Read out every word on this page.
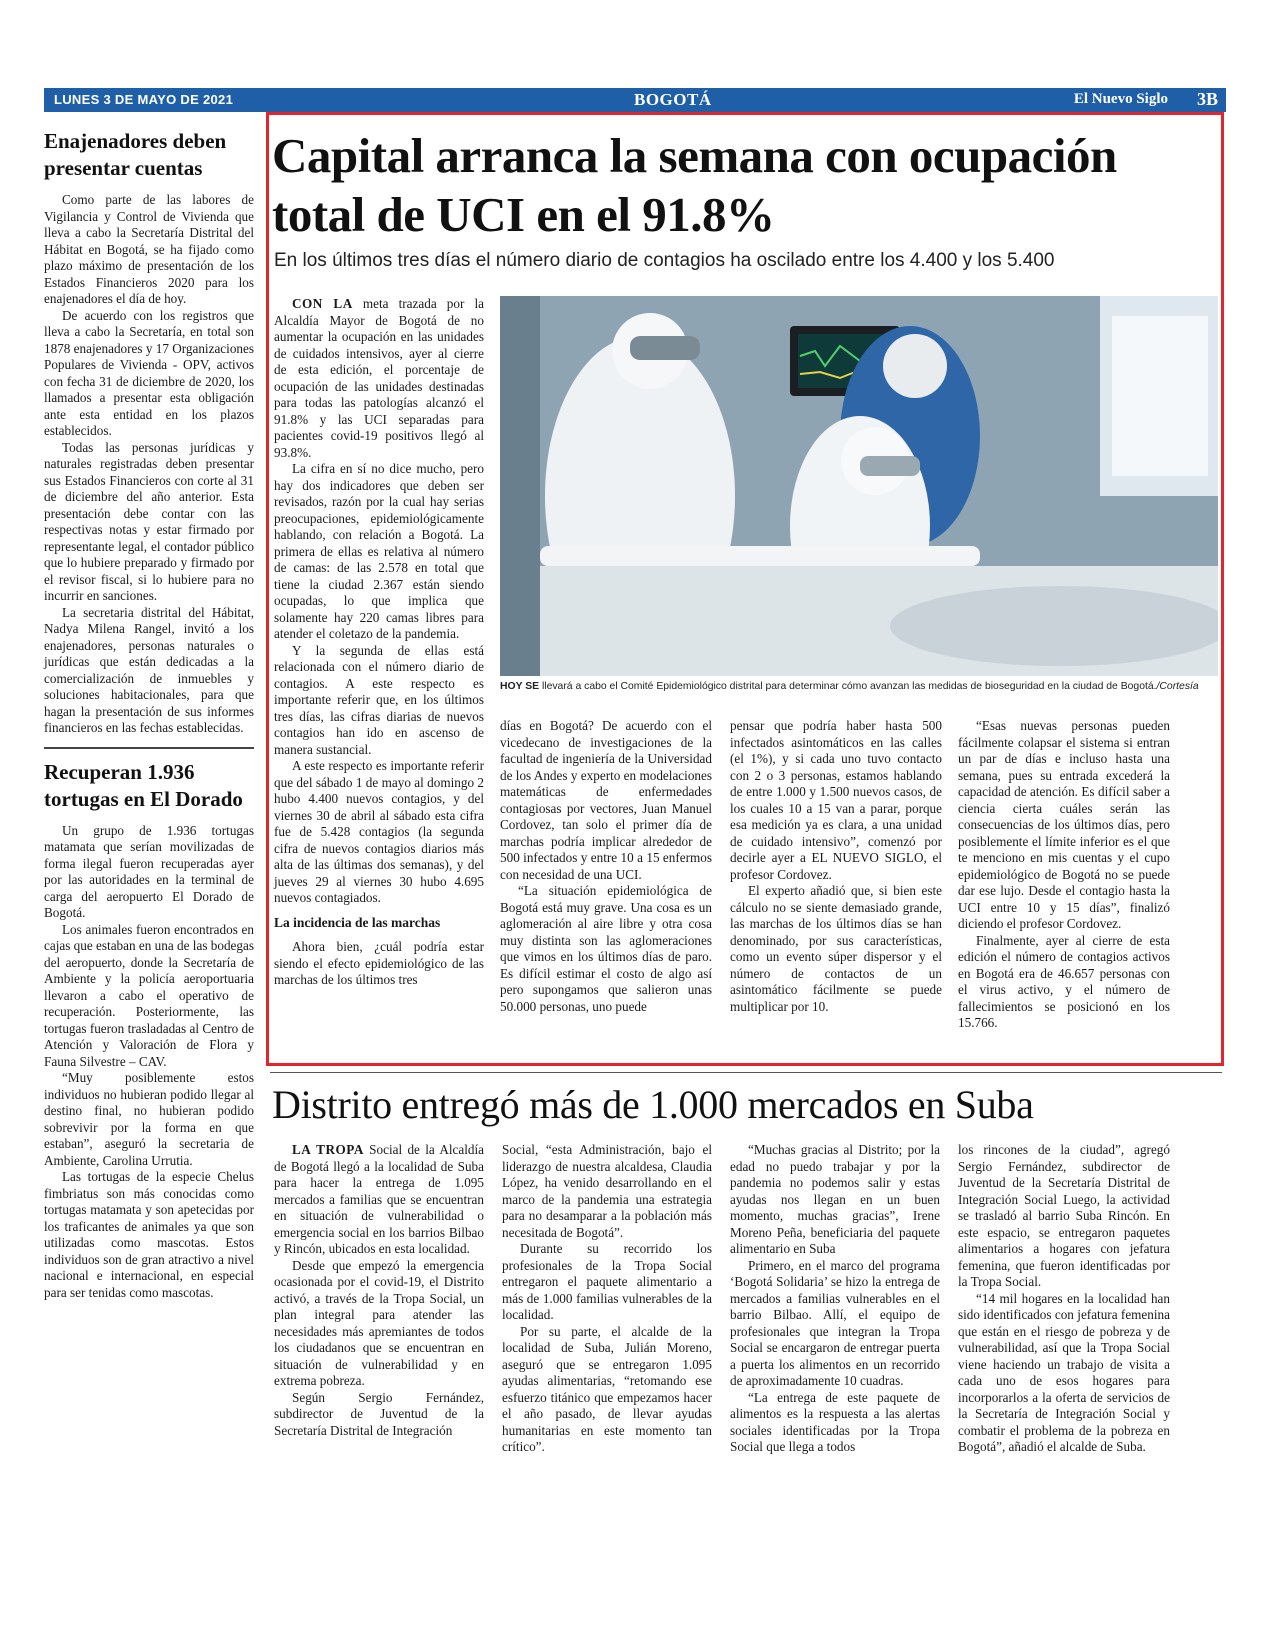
LUNES 3 DE MAYO DE 2021	BOGOTÁ	El Nuevo Siglo 3B
Enajenadores deben presentar cuentas

Como parte de las labores de Vigilancia y Control de Vivienda que lleva a cabo la Secretaría Distrital del Hábitat en Bogotá, se ha fijado como plazo máximo de presentación de los Estados Financieros 2020 para los enajenadores el día de hoy.

De acuerdo con los registros que lleva a cabo la Secretaría, en total son 1878 enajenadores y 17 Organizaciones Populares de Vivienda - OPV, activos con fecha 31 de diciembre de 2020, los llamados a presentar esta obligación ante esta entidad en los plazos establecidos.

Todas las personas jurídicas y naturales registradas deben presentar sus Estados Financieros con corte al 31 de diciembre del año anterior. Esta presentación debe contar con las respectivas notas y estar firmado por representante legal, el contador público que lo hubiere preparado y firmado por el revisor fiscal, si lo hubiere para no incurrir en sanciones.

La secretaria distrital del Hábitat, Nadya Milena Rangel, invitó a los enajenadores, personas naturales o jurídicas que están dedicadas a la comercialización de inmuebles y soluciones habitacionales, para que hagan la presentación de sus informes financieros en las fechas establecidas.

Recuperan 1.936 tortugas en El Dorado

Un grupo de 1.936 tortugas matamata que serían movilizadas de forma ilegal fueron recuperadas ayer por las autoridades en la terminal de carga del aeropuerto El Dorado de Bogotá.

Los animales fueron encontrados en cajas que estaban en una de las bodegas del aeropuerto, donde la Secretaría de Ambiente y la policía aeroportuaria llevaron a cabo el operativo de recuperación. Posteriormente, las tortugas fueron trasladadas al Centro de Atención y Valoración de Flora y Fauna Silvestre – CAV.

“Muy posiblemente estos individuos no hubieran podido llegar al destino final, no hubieran podido sobrevivir por la forma en que estaban”, aseguró la secretaria de Ambiente, Carolina Urrutia.

Las tortugas de la especie Chelus fimbriatus son más conocidas como tortugas matamata y son apetecidas por los traficantes de animales ya que son utilizadas como mascotas. Estos individuos son de gran atractivo a nivel nacional e internacional, en especial para ser tenidas como mascotas.

Capital arranca la semana con ocupación total de UCI en el 91.8%
En los últimos tres días el número diario de contagios ha oscilado entre los 4.400 y los 5.400
HOY SE llevará a cabo el Comité Epidemiológico distrital para determinar cómo avanzan las medidas de bioseguridad en la ciudad de Bogotá./Cortesía

CON LA meta trazada por la Alcaldía Mayor de Bogotá de no aumentar la ocupación en las unidades de cuidados intensivos, ayer al cierre de esta edición, el porcentaje de ocupación de las unidades destinadas para todas las patologías alcanzó el 91.8% y las UCI separadas para pacientes covid-19 positivos llegó al 93.8%.

La cifra en sí no dice mucho, pero hay dos indicadores que deben ser revisados, razón por la cual hay serias preocupaciones, epidemiológicamente hablando, con relación a Bogotá. La primera de ellas es relativa al número de camas: de las 2.578 en total que tiene la ciudad 2.367 están siendo ocupadas, lo que implica que solamente hay 220 camas libres para atender el coletazo de la pandemia.

Y la segunda de ellas está relacionada con el número diario de contagios. A este respecto es importante referir que, en los últimos tres días, las cifras diarias de nuevos contagios han ido en ascenso de manera sustancial.

A este respecto es importante referir que del sábado 1 de mayo al domingo 2 hubo 4.400 nuevos contagios, y del viernes 30 de abril al sábado esta cifra fue de 5.428 contagios (la segunda cifra de nuevos contagios diarios más alta de las últimas dos semanas), y del jueves 29 al viernes 30 hubo 4.695 nuevos contagiados.

La incidencia de las marchas

Ahora bien, ¿cuál podría estar siendo el efecto epidemiológico de las marchas de los últimos tres

días en Bogotá? De acuerdo con el vicedecano de investigaciones de la facultad de ingeniería de la Universidad de los Andes y experto en modelaciones matemáticas de enfermedades contagiosas por vectores, Juan Manuel Cordovez, tan solo el primer día de marchas podría implicar alrededor de 500 infectados y entre 10 a 15 enfermos con necesidad de una UCI.

“La situación epidemiológica de Bogotá está muy grave. Una cosa es un aglomeración al aire libre y otra cosa muy distinta son las aglomeraciones que vimos en los últimos días de paro. Es difícil estimar el costo de algo así pero supongamos que salieron unas 50.000 personas, uno puede

pensar que podría haber hasta 500 infectados asintomáticos en las calles (el 1%), y si cada uno tuvo contacto con 2 o 3 personas, estamos hablando de entre 1.000 y 1.500 nuevos casos, de los cuales 10 a 15 van a parar, porque esa medición ya es clara, a una unidad de cuidado intensivo”, comenzó por decirle ayer a EL NUEVO SIGLO, el profesor Cordovez.

El experto añadió que, si bien este cálculo no se siente demasiado grande, las marchas de los últimos días se han denominado, por sus características, como un evento súper dispersor y el número de contactos de un asintomático fácilmente se puede multiplicar por 10.

“Esas nuevas personas pueden fácilmente colapsar el sistema si entran un par de días e incluso hasta una semana, pues su entrada excederá la capacidad de atención. Es difícil saber a ciencia cierta cuáles serán las consecuencias de los últimos días, pero posiblemente el límite inferior es el que te menciono en mis cuentas y el cupo epidemiológico de Bogotá no se puede dar ese lujo. Desde el contagio hasta la UCI entre 10 y 15 días”, finalizó diciendo el profesor Cordovez.

Finalmente, ayer al cierre de esta edición el número de contagios activos en Bogotá era de 46.657 personas con el virus activo, y el número de fallecimientos se posicionó en los 15.766.

Distrito entregó más de 1.000 mercados en Suba

LA TROPA Social de la Alcaldía de Bogotá llegó a la localidad de Suba para hacer la entrega de 1.095 mercados a familias que se encuentran en situación de vulnerabilidad o emergencia social en los barrios Bilbao y Rincón, ubicados en esta localidad.

Desde que empezó la emergencia ocasionada por el covid-19, el Distrito activó, a través de la Tropa Social, un plan integral para atender las necesidades más apremiantes de todos los ciudadanos que se encuentran en situación de vulnerabilidad y en extrema pobreza.

Según Sergio Fernández, subdirector de Juventud de la Secretaría Distrital de Integración

Social, “esta Administración, bajo el liderazgo de nuestra alcaldesa, Claudia López, ha venido desarrollando en el marco de la pandemia una estrategia para no desamparar a la población más necesitada de Bogotá”.

Durante su recorrido los profesionales de la Tropa Social entregaron el paquete alimentario a más de 1.000 familias vulnerables de la localidad.

Por su parte, el alcalde de la localidad de Suba, Julián Moreno, aseguró que se entregaron 1.095 ayudas alimentarias, “retomando ese esfuerzo titánico que empezamos hacer el año pasado, de llevar ayudas humanitarias en este momento tan crítico”.

“Muchas gracias al Distrito; por la edad no puedo trabajar y por la pandemia no podemos salir y estas ayudas nos llegan en un buen momento, muchas gracias”, Irene Moreno Peña, beneficiaria del paquete alimentario en Suba

Primero, en el marco del programa ‘Bogotá Solidaria’ se hizo la entrega de mercados a familias vulnerables en el barrio Bilbao. Allí, el equipo de profesionales que integran la Tropa Social se encargaron de entregar puerta a puerta los alimentos en un recorrido de aproximadamente 10 cuadras.

“La entrega de este paquete de alimentos es la respuesta a las alertas sociales identificadas por la Tropa Social que llega a todos

los rincones de la ciudad”, agregó Sergio Fernández, subdirector de Juventud de la Secretaría Distrital de Integración Social Luego, la actividad se trasladó al barrio Suba Rincón. En este espacio, se entregaron paquetes alimentarios a hogares con jefatura femenina, que fueron identificadas por la Tropa Social.

“14 mil hogares en la localidad han sido identificados con jefatura femenina que están en el riesgo de pobreza y de vulnerabilidad, así que la Tropa Social viene haciendo un trabajo de visita a cada uno de esos hogares para incorporarlos a la oferta de servicios de la Secretaría de Integración Social y combatir el problema de la pobreza en Bogotá”, añadió el alcalde de Suba.
